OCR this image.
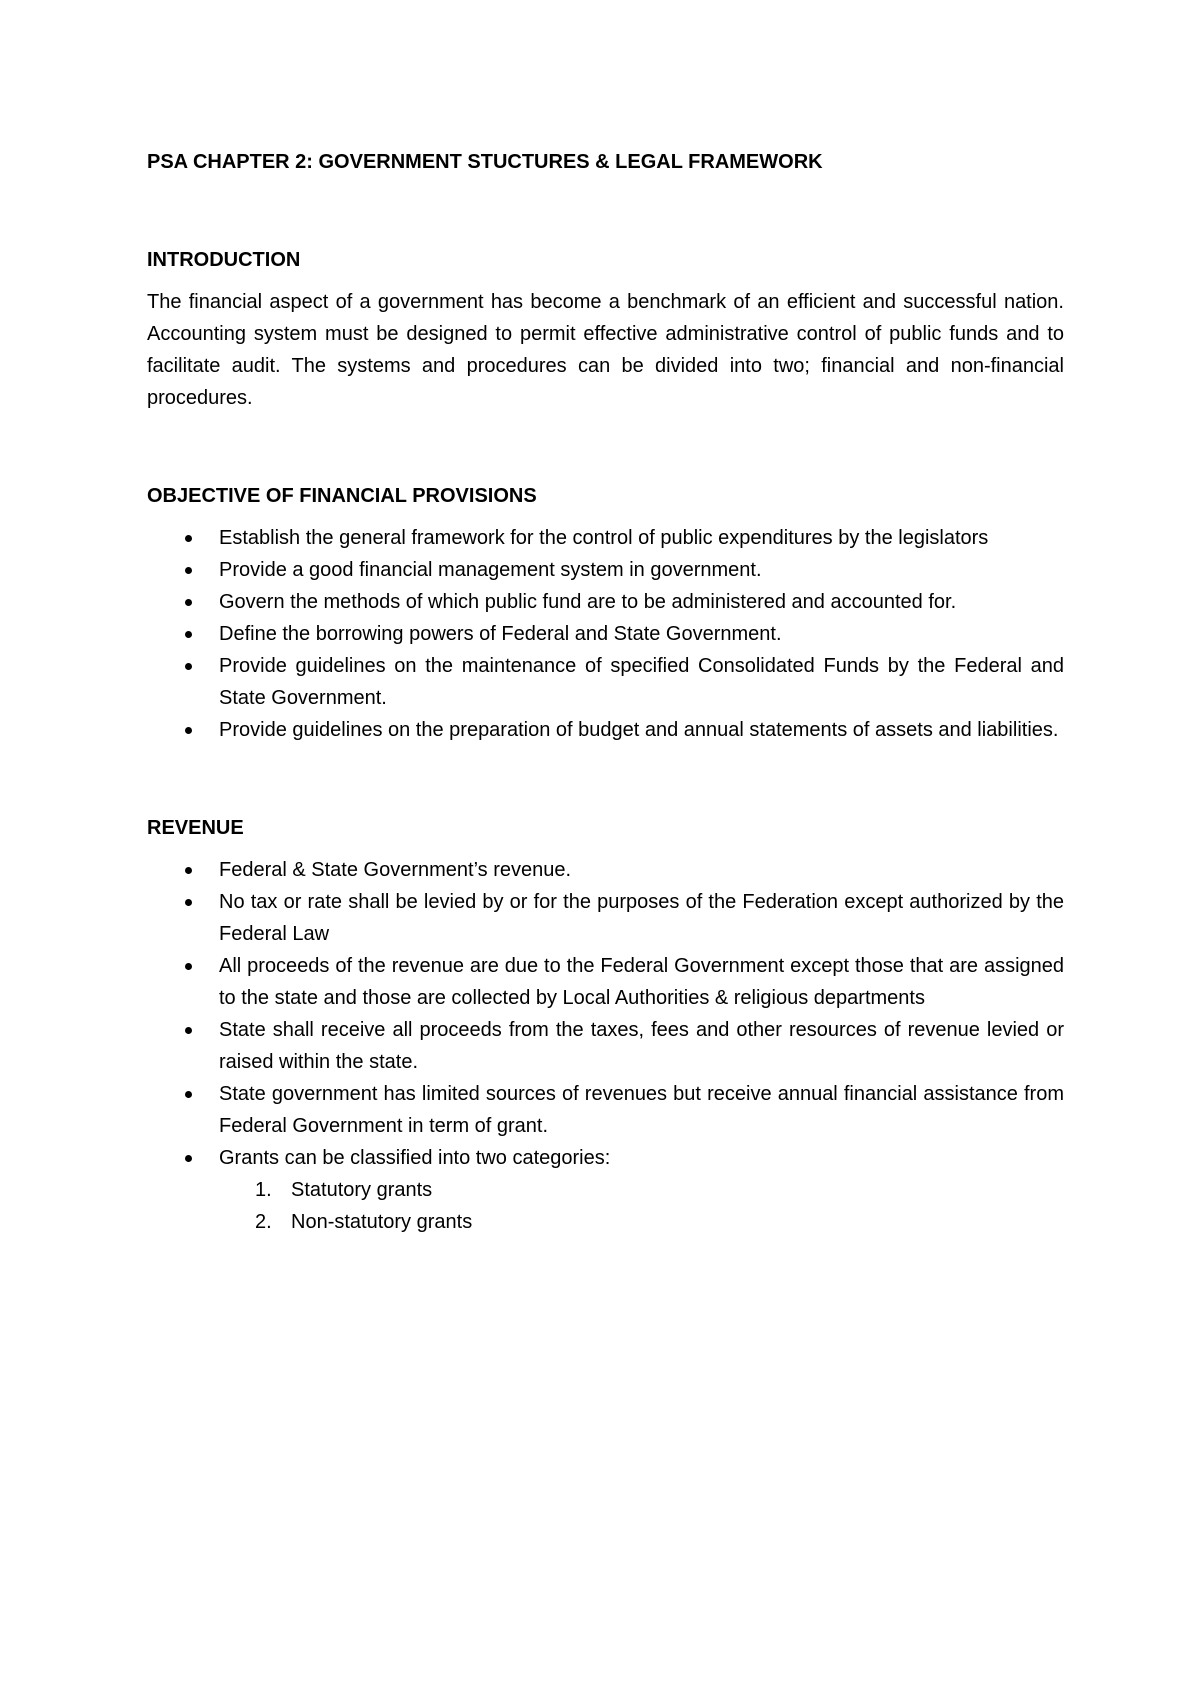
PSA CHAPTER 2: GOVERNMENT STUCTURES & LEGAL FRAMEWORK

INTRODUCTION

The financial aspect of a government has become a benchmark of an efficient and successful nation. Accounting system must be designed to permit effective administrative control of public funds and to facilitate audit. The systems and procedures can be divided into two; financial and non-financial procedures.

OBJECTIVE OF FINANCIAL PROVISIONS

Establish the general framework for the control of public expenditures by the legislators
Provide a good financial management system in government.
Govern the methods of which public fund are to be administered and accounted for.
Define the borrowing powers of Federal and State Government.
Provide guidelines on the maintenance of specified Consolidated Funds by the Federal and State Government.
Provide guidelines on the preparation of budget and annual statements of assets and liabilities.

REVENUE

Federal & State Government’s revenue.
No tax or rate shall be levied by or for the purposes of the Federation except authorized by the Federal Law
All proceeds of the revenue are due to the Federal Government except those that are assigned to the state and those are collected by Local Authorities & religious departments
State shall receive all proceeds from the taxes, fees and other resources of revenue levied or raised within the state.
State government has limited sources of revenues but receive annual financial assistance from Federal Government in term of grant.
Grants can be classified into two categories:
1. Statutory grants
2. Non-statutory grants
